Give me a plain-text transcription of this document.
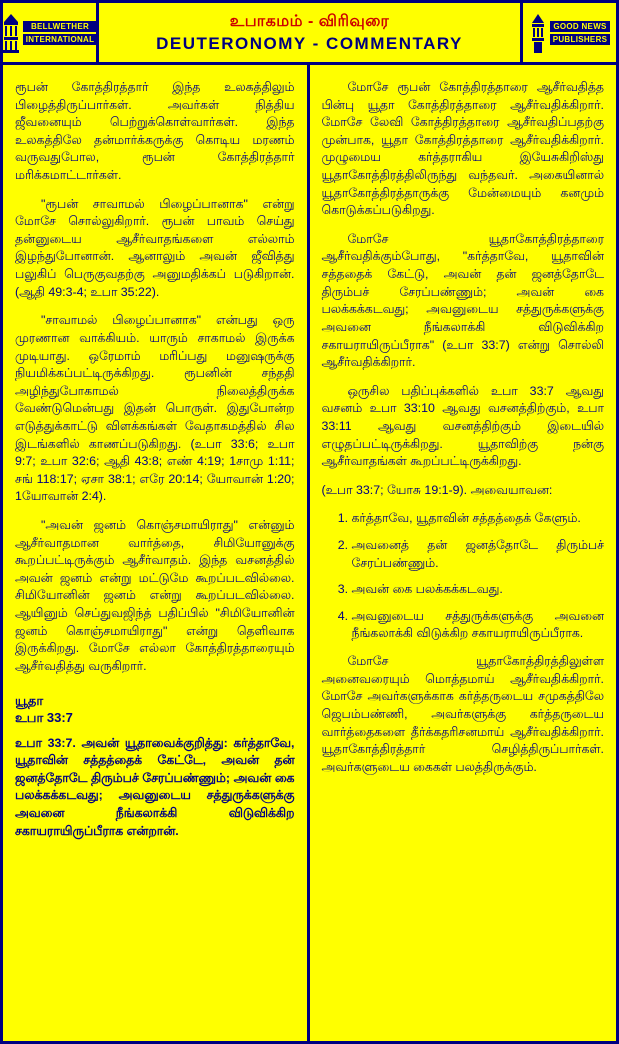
BELLWETHER
INTERNATIONAL
உபாகமம் - விரிவுரை
DEUTERONOMY - COMMENTARY
GOOD NEWS
PUBLISHERS

ரூபன் கோத்திரத்தார் இந்த உலகத்திலும் பிழைத்திருப்பார்கள். அவர்கள் நித்திய ஜீவனையும் பெற்றுக்கொள்வார்கள். இந்த உலகத்திலே தன்மார்க்கருக்கு கொடிய மரணம் வருவதுபோல, ரூபன் கோத்திரத்தார் மரிக்கமாட்டார்கள்.

"ரூபன் சாவாமல் பிழைப்பானாக" என்று மோசே சொல்லுகிறார். ரூபன் பாவம் செய்து தன்னுடைய ஆசீர்வாதங்களை எல்லாம் இழந்துபோனான். ஆனாலும் அவன் ஜீவித்து பலுகிப் பெருகுவதற்கு அனுமதிக்கப் படுகிறான். (ஆதி 49:3-4; உபா 35:22).

"சாவாமல் பிழைப்பானாக" என்பது ஒரு முரணான வாக்கியம். யாரும் சாகாமல் இருக்க முடியாது. ஒரேமாம் மரிப்பது மனுஷருக்கு நியமிக்கப்பட்டிருக்கிறது. ரூபனின் சந்ததி அழிந்துபோகாமல் நிலைத்திருக்க வேண்டுமென்பது இதன் பொருள். இதுபோன்ற எடுத்துக்காட்டு விளக்கங்கள் வேதாகமத்தில் சில இடங்களில் காணப்படுகிறது. (உபா 33:6; உபா 9:7; உபா 32:6; ஆதி 43:8; எண் 4:19; 1சாமு 1:11; சங் 118:17; ஏசா 38:1; எரே 20:14; யோவான் 1:20; 1யோவான் 2:4).

"அவன் ஜனம் கொஞ்சமாயிராது" என்னும் ஆசீர்வாதமான வார்த்தை, சிமியோனுக்கு கூறப்பட்டிருக்கும் ஆசீர்வாதம். இந்த வசனத்தில் அவன் ஜனம் என்று மட்டுமே கூறப்படவில்லை. சிமியோனின் ஜனம் என்று கூறப்படவில்லை. ஆயினும் செப்துவஜிந்த் பதிப்பில் "சிமியோனின் ஜனம் கொஞ்சமாயிராது" என்று தெளிவாக இருக்கிறது. மோசே எல்லா கோத்திரத்தாரையும் ஆசீர்வதித்து வருகிறார்.

யூதா
உபா 33:7

உபா 33:7. அவன் யூதாவைக்குறித்து: கர்த்தாவே, யூதாவின் சத்தத்தைக் கேட்டே, அவன் தன் ஜனத்தோடே திரும்பச் சேரப்பண்ணும்; அவன் கை பலக்கக்கடவது; அவனுடைய சத்துருக்களுக்கு அவனை நீங்கலாக்கி விடுவிக்கிற சகாயராயிருப்பீராக என்றான்.

மோசே ரூபன் கோத்திரத்தாரை ஆசீர்வதித்த பின்பு யூதா கோத்திரத்தாரை ஆசீர்வதிக்கிறார். மோசே லேவி கோத்திரத்தாரை ஆசீர்வதிப்பதற்கு முன்பாக, யூதா கோத்திரத்தாரை ஆசீர்வதிக்கிறார். முழுமைய கர்த்தராகிய இயேசுகிறிஸ்து யூதாகோத்திரத்திலிருந்து வந்தவர். அகையினால் யூதாகோத்திரத்தாருக்கு மேன்மையும் கனமும் கொடுக்கப்படுகிறது.

மோசே யூதாகோத்திரத்தாரை ஆசீர்வதிக்கும்போது, "கர்த்தாவே, யூதாவின் சத்ததைக் கேட்டு, அவன் தன் ஜனத்தோடே திரும்பச் சேரப்பண்ணும்; அவன் கை பலக்கக்கடவது; அவனுடைய சத்துருக்களுக்கு அவனை நீங்கலாக்கி விடுவிக்கிற சகாயராயிருப்பீராக" (உபா 33:7) என்று சொல்லி ஆசீர்வதிக்கிறார்.

ஒருசில பதிப்புக்களில் உபா 33:7 ஆவது வசனம் உபா 33:10 ஆவது வசனத்திற்கும், உபா 33:11 ஆவது வசனத்திற்கும் இடையில் எழுதப்பட்டிருக்கிறது. யூதாவிற்கு நன்கு ஆசீர்வாதங்கள் கூறப்பட்டிருக்கிறது.

(உபா 33:7; யோசு 19:1-9). அவையாவன:

1. கர்த்தாவே, யூதாவின் சத்தத்தைக் கேளும்.
2. அவனைத் தன் ஜனத்தோடே திரும்பச் சேரப்பண்ணும்.
3. அவன் கை பலக்கக்கடவது.
4. அவனுடைய சத்துருக்களுக்கு அவனை நீங்கலாக்கி விடுக்கிற சகாயராயிருப்பீராக.

மோசே யூதாகோத்திரத்திலுள்ள அனைவரையும் மொத்தமாய் ஆசீர்வதிக்கிறார். மோசே அவர்களுக்காக கர்த்தருடைய சமுகத்திலே ஜெபம்பண்ணி, அவர்களுக்கு கர்த்தருடைய வார்த்தைகளை தீர்க்கதரிசனமாய் ஆசீர்வதிக்கிறார். யூதாகோத்திரத்தார் செழித்திருப்பார்கள். அவர்களுடைய கைகள் பலத்திருக்கும்.
